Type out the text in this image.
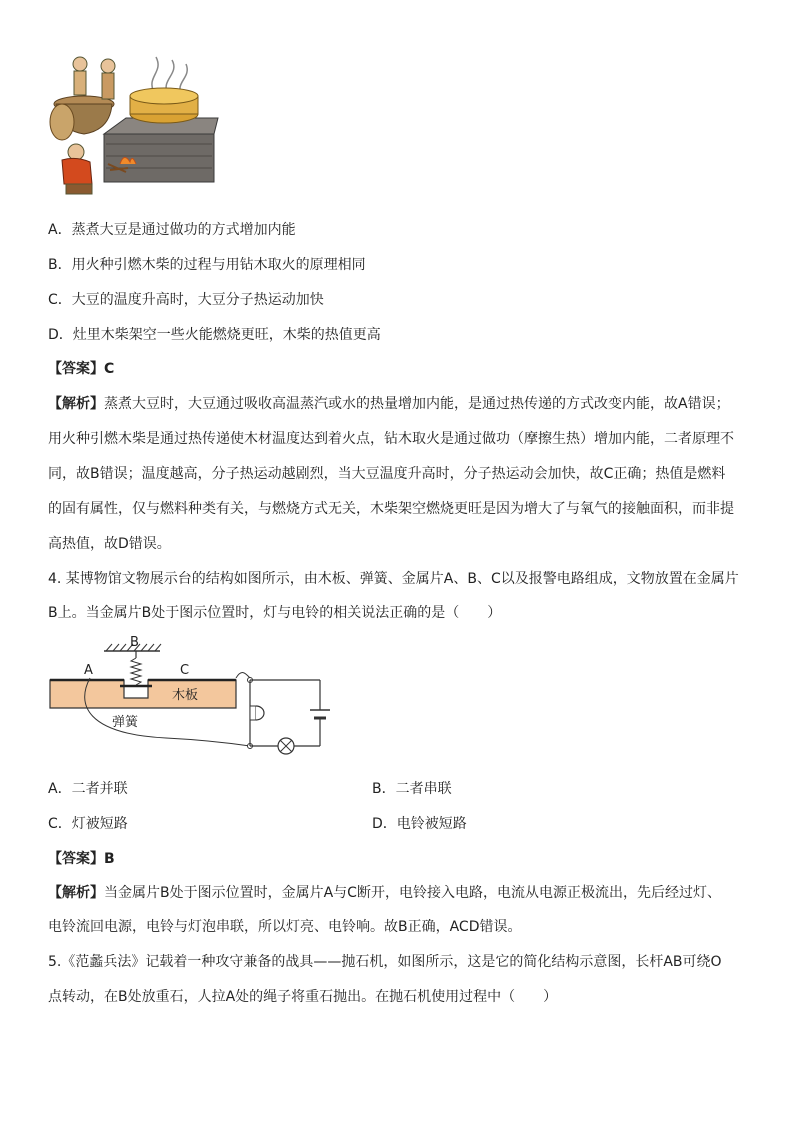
A．蒸煮大豆是通过做功的方式增加内能
B．用火种引燃木柴的过程与用钻木取火的原理相同
C．大豆的温度升高时，大豆分子热运动加快
D．灶里木柴架空一些火能燃烧更旺，木柴的热值更高
【答案】C
【解析】蒸煮大豆时，大豆通过吸收高温蒸汽或水的热量增加内能，是通过热传递的方式改变内能，故A错误；
用火种引燃木柴是通过热传递使木材温度达到着火点，钻木取火是通过做功（摩擦生热）增加内能，二者原理不
同，故B错误；温度越高，分子热运动越剧烈，当大豆温度升高时，分子热运动会加快，故C正确；热值是燃料
的固有属性，仅与燃料种类有关，与燃烧方式无关，木柴架空燃烧更旺是因为增大了与氧气的接触面积，而非提
高热值，故D错误。
4. 某博物馆文物展示台的结构如图所示，由木板、弹簧、金属片A、B、C以及报警电路组成，文物放置在金属片
B上。当金属片B处于图示位置时，灯与电铃的相关说法正确的是（　　）
B
A	C
木板
弹簧
A．二者并联	B．二者串联
C．灯被短路	D．电铃被短路
【答案】B
【解析】当金属片B处于图示位置时，金属片A与C断开，电铃接入电路，电流从电源正极流出，先后经过灯、
电铃流回电源，电铃与灯泡串联，所以灯亮、电铃响。故B正确，ACD错误。
5.《范蠡兵法》记载着一种攻守兼备的战具——抛石机，如图所示，这是它的简化结构示意图，长杆AB可绕O
点转动，在B处放重石，人拉A处的绳子将重石抛出。在抛石机使用过程中（　　）
